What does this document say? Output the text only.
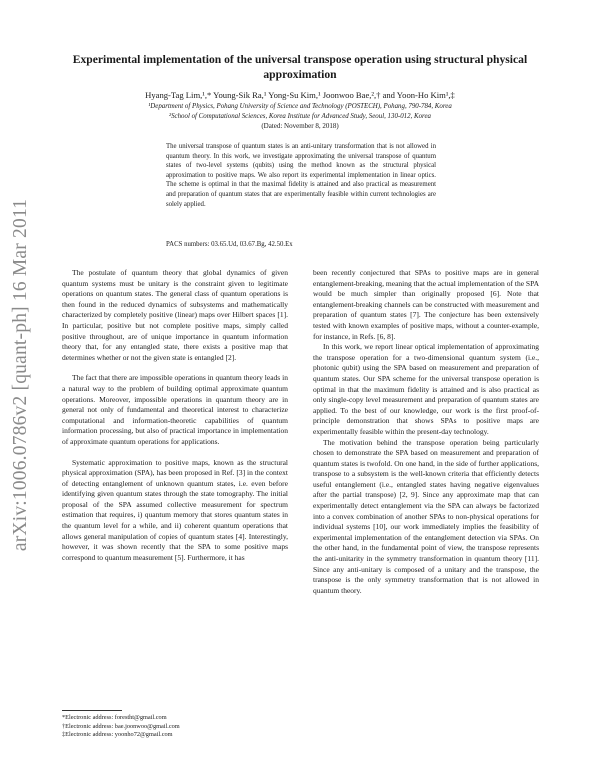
arXiv:1006.0786v2 [quant-ph] 16 Mar 2011
Experimental implementation of the universal transpose operation using structural physical approximation
Hyang-Tag Lim,¹,* Young-Sik Ra,¹ Yong-Su Kim,¹ Joonwoo Bae,²,† and Yoon-Ho Kim¹,‡
¹Department of Physics, Pohang University of Science and Technology (POSTECH), Pohang, 790-784, Korea
²School of Computational Sciences, Korea Institute for Advanced Study, Seoul, 130-012, Korea
(Dated: November 8, 2018)

The universal transpose of quantum states is an anti-unitary transformation that is not allowed in quantum theory. In this work, we investigate approximating the universal transpose of quantum states of two-level systems (qubits) using the method known as the structural physical approximation to positive maps. We also report its experimental implementation in linear optics. The scheme is optimal in that the maximal fidelity is attained and also practical as measurement and preparation of quantum states that are experimentally feasible within current technologies are solely applied.

PACS numbers: 03.65.Ud, 03.67.Bg, 42.50.Ex

The postulate of quantum theory that global dynamics of given quantum systems must be unitary is the constraint given to legitimate operations on quantum states. The general class of quantum operations is then found in the reduced dynamics of subsystems and mathematically characterized by completely positive (linear) maps over Hilbert spaces [1]. In particular, positive but not complete positive maps, simply called positive throughout, are of unique importance in quantum information theory that, for any entangled state, there exists a positive map that determines whether or not the given state is entangled [2].

The fact that there are impossible operations in quantum theory leads in a natural way to the problem of building optimal approximate quantum operations. Moreover, impossible operations in quantum theory are in general not only of fundamental and theoretical interest to characterize computational and information-theoretic capabilities of quantum information processing, but also of practical importance in implementation of approximate quantum operations for applications.

Systematic approximation to positive maps, known as the structural physical approximation (SPA), has been proposed in Ref. [3] in the context of detecting entanglement of unknown quantum states, i.e. even before identifying given quantum states through the state tomography. The initial proposal of the SPA assumed collective measurement for spectrum estimation that requires, i) quantum memory that stores quantum states in the quantum level for a while, and ii) coherent quantum operations that allows general manipulation of copies of quantum states [4]. Interestingly, however, it was shown recently that the SPA to some positive maps correspond to quantum measurement [5]. Furthermore, it has

been recently conjectured that SPAs to positive maps are in general entanglement-breaking, meaning that the actual implementation of the SPA would be much simpler than originally proposed [6]. Note that entanglement-breaking channels can be constructed with measurement and preparation of quantum states [7]. The conjecture has been extensively tested with known examples of positive maps, without a counter-example, for instance, in Refs. [6, 8].

In this work, we report linear optical implementation of approximating the transpose operation for a two-dimensional quantum system (i.e., photonic qubit) using the SPA based on measurement and preparation of quantum states. Our SPA scheme for the universal transpose operation is optimal in that the maximum fidelity is attained and is also practical as only single-copy level measurement and preparation of quantum states are applied. To the best of our knowledge, our work is the first proof-of-principle demonstration that shows SPAs to positive maps are experimentally feasible within the present-day technology.

The motivation behind the transpose operation being particularly chosen to demonstrate the SPA based on measurement and preparation of quantum states is twofold. On one hand, in the side of further applications, transpose to a subsystem is the well-known criteria that efficiently detects useful entanglement (i.e., entangled states having negative eigenvalues after the partial transpose) [2, 9]. Since any approximate map that can experimentally detect entanglement via the SPA can always be factorized into a convex combination of another SPAs to non-physical operations for individual systems [10], our work immediately implies the feasibility of experimental implementation of the entanglement detection via SPAs. On the other hand, in the fundamental point of view, the transpose represents the anti-unitarity in the symmetry transformation in quantum theory [11]. Since any anti-unitary is composed of a unitary and the transpose, the transpose is the only symmetry transformation that is not allowed in quantum theory.

*Electronic address: forestht@gmail.com
†Electronic address: bae.joonwoo@gmail.com
‡Electronic address: yoonho72@gmail.com
